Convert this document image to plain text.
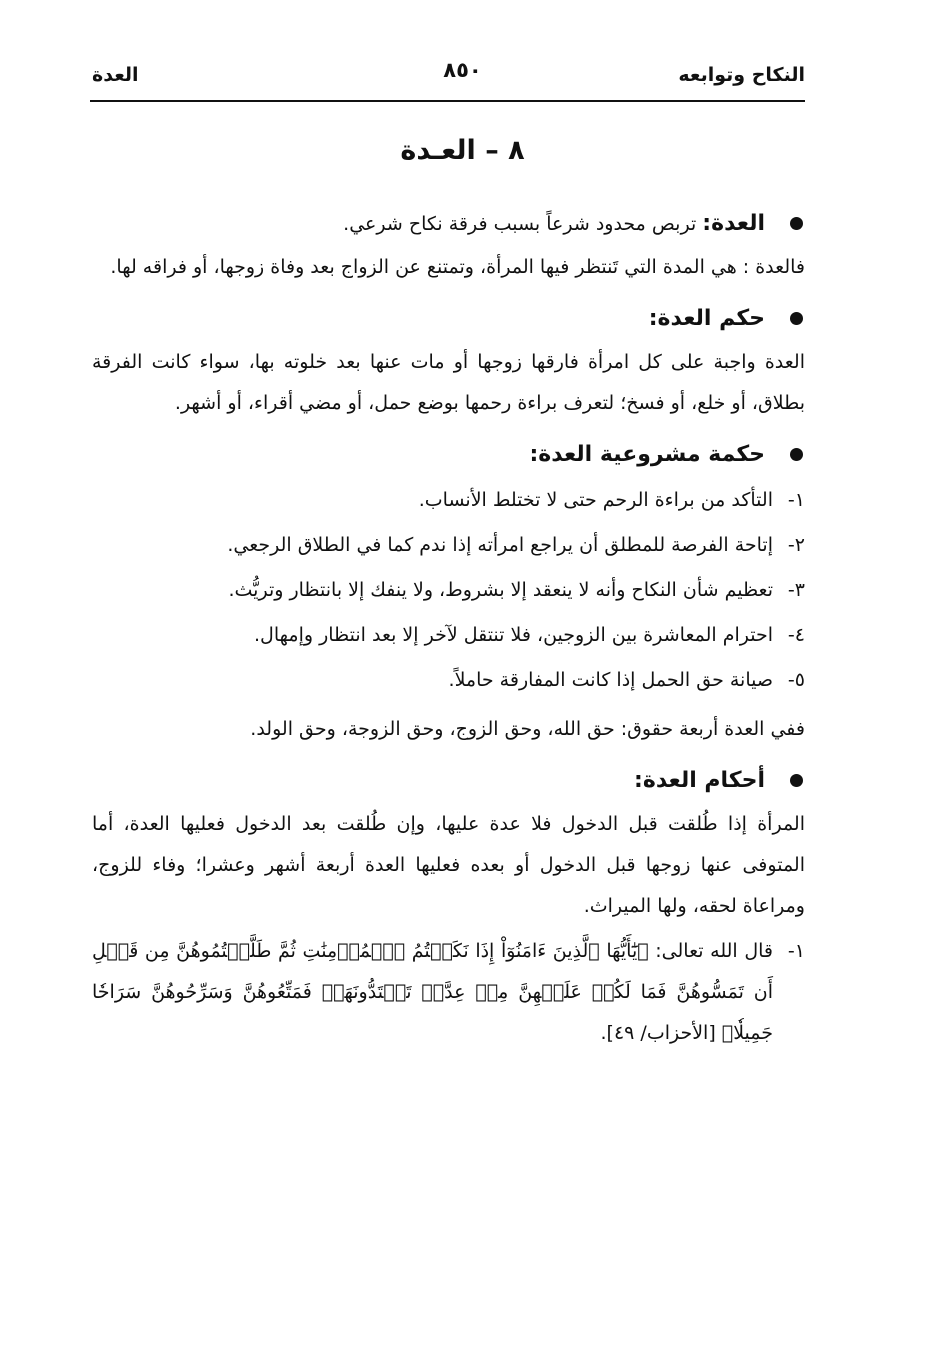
النكاح وتوابعه
٨٥٠
العدة
٨ – العـدة
العدة: تربص محدود شرعاً بسبب فرقة نكاح شرعي.
فالعدة : هي المدة التي تَنتظر فيها المرأة، وتمتنع عن الزواج بعد وفاة زوجها، أو فراقه لها.
حكم العدة:
العدة واجبة على كل امرأة فارقها زوجها أو مات عنها بعد خلوته بها، سواء كانت الفرقة بطلاق، أو خلع، أو فسخ؛ لتعرف براءة رحمها بوضع حمل، أو مضي أقراء، أو أشهر.
حكمة مشروعية العدة:
١-
التأكد من براءة الرحم حتى لا تختلط الأنساب.
٢-
إتاحة الفرصة للمطلق أن يراجع امرأته إذا ندم كما في الطلاق الرجعي.
٣-
تعظيم شأن النكاح وأنه لا ينعقد إلا بشروط، ولا ينفك إلا بانتظار وتريُّث.
٤-
احترام المعاشرة بين الزوجين، فلا تنتقل لآخر إلا بعد انتظار وإمهال.
٥-
صيانة حق الحمل إذا كانت المفارقة حاملاً.
ففي العدة أربعة حقوق: حق الله، وحق الزوج، وحق الزوجة، وحق الولد.
أحكام العدة:
المرأة إذا طُلقت قبل الدخول فلا عدة عليها، وإن طُلقت بعد الدخول فعليها العدة، أما المتوفى عنها زوجها قبل الدخول أو بعده فعليها العدة أربعة أشهر وعشرا؛ وفاء للزوج، ومراعاة لحقه، ولها الميراث.
١-
قال الله تعالى: ﴿يَٰٓأَيُّهَا ٱلَّذِينَ ءَامَنُوٓاْ إِذَا نَكَحۡتُمُ ٱلۡمُؤۡمِنَٰتِ ثُمَّ طَلَّقۡتُمُوهُنَّ مِن قَبۡلِ أَن تَمَسُّوهُنَّ فَمَا لَكُمۡ عَلَيۡهِنَّ مِنۡ عِدَّةٖ تَعۡتَدُّونَهَاۖ فَمَتِّعُوهُنَّ وَسَرِّحُوهُنَّ سَرَاحٗا جَمِيلٗا﴾ [الأحزاب/ ٤٩].
